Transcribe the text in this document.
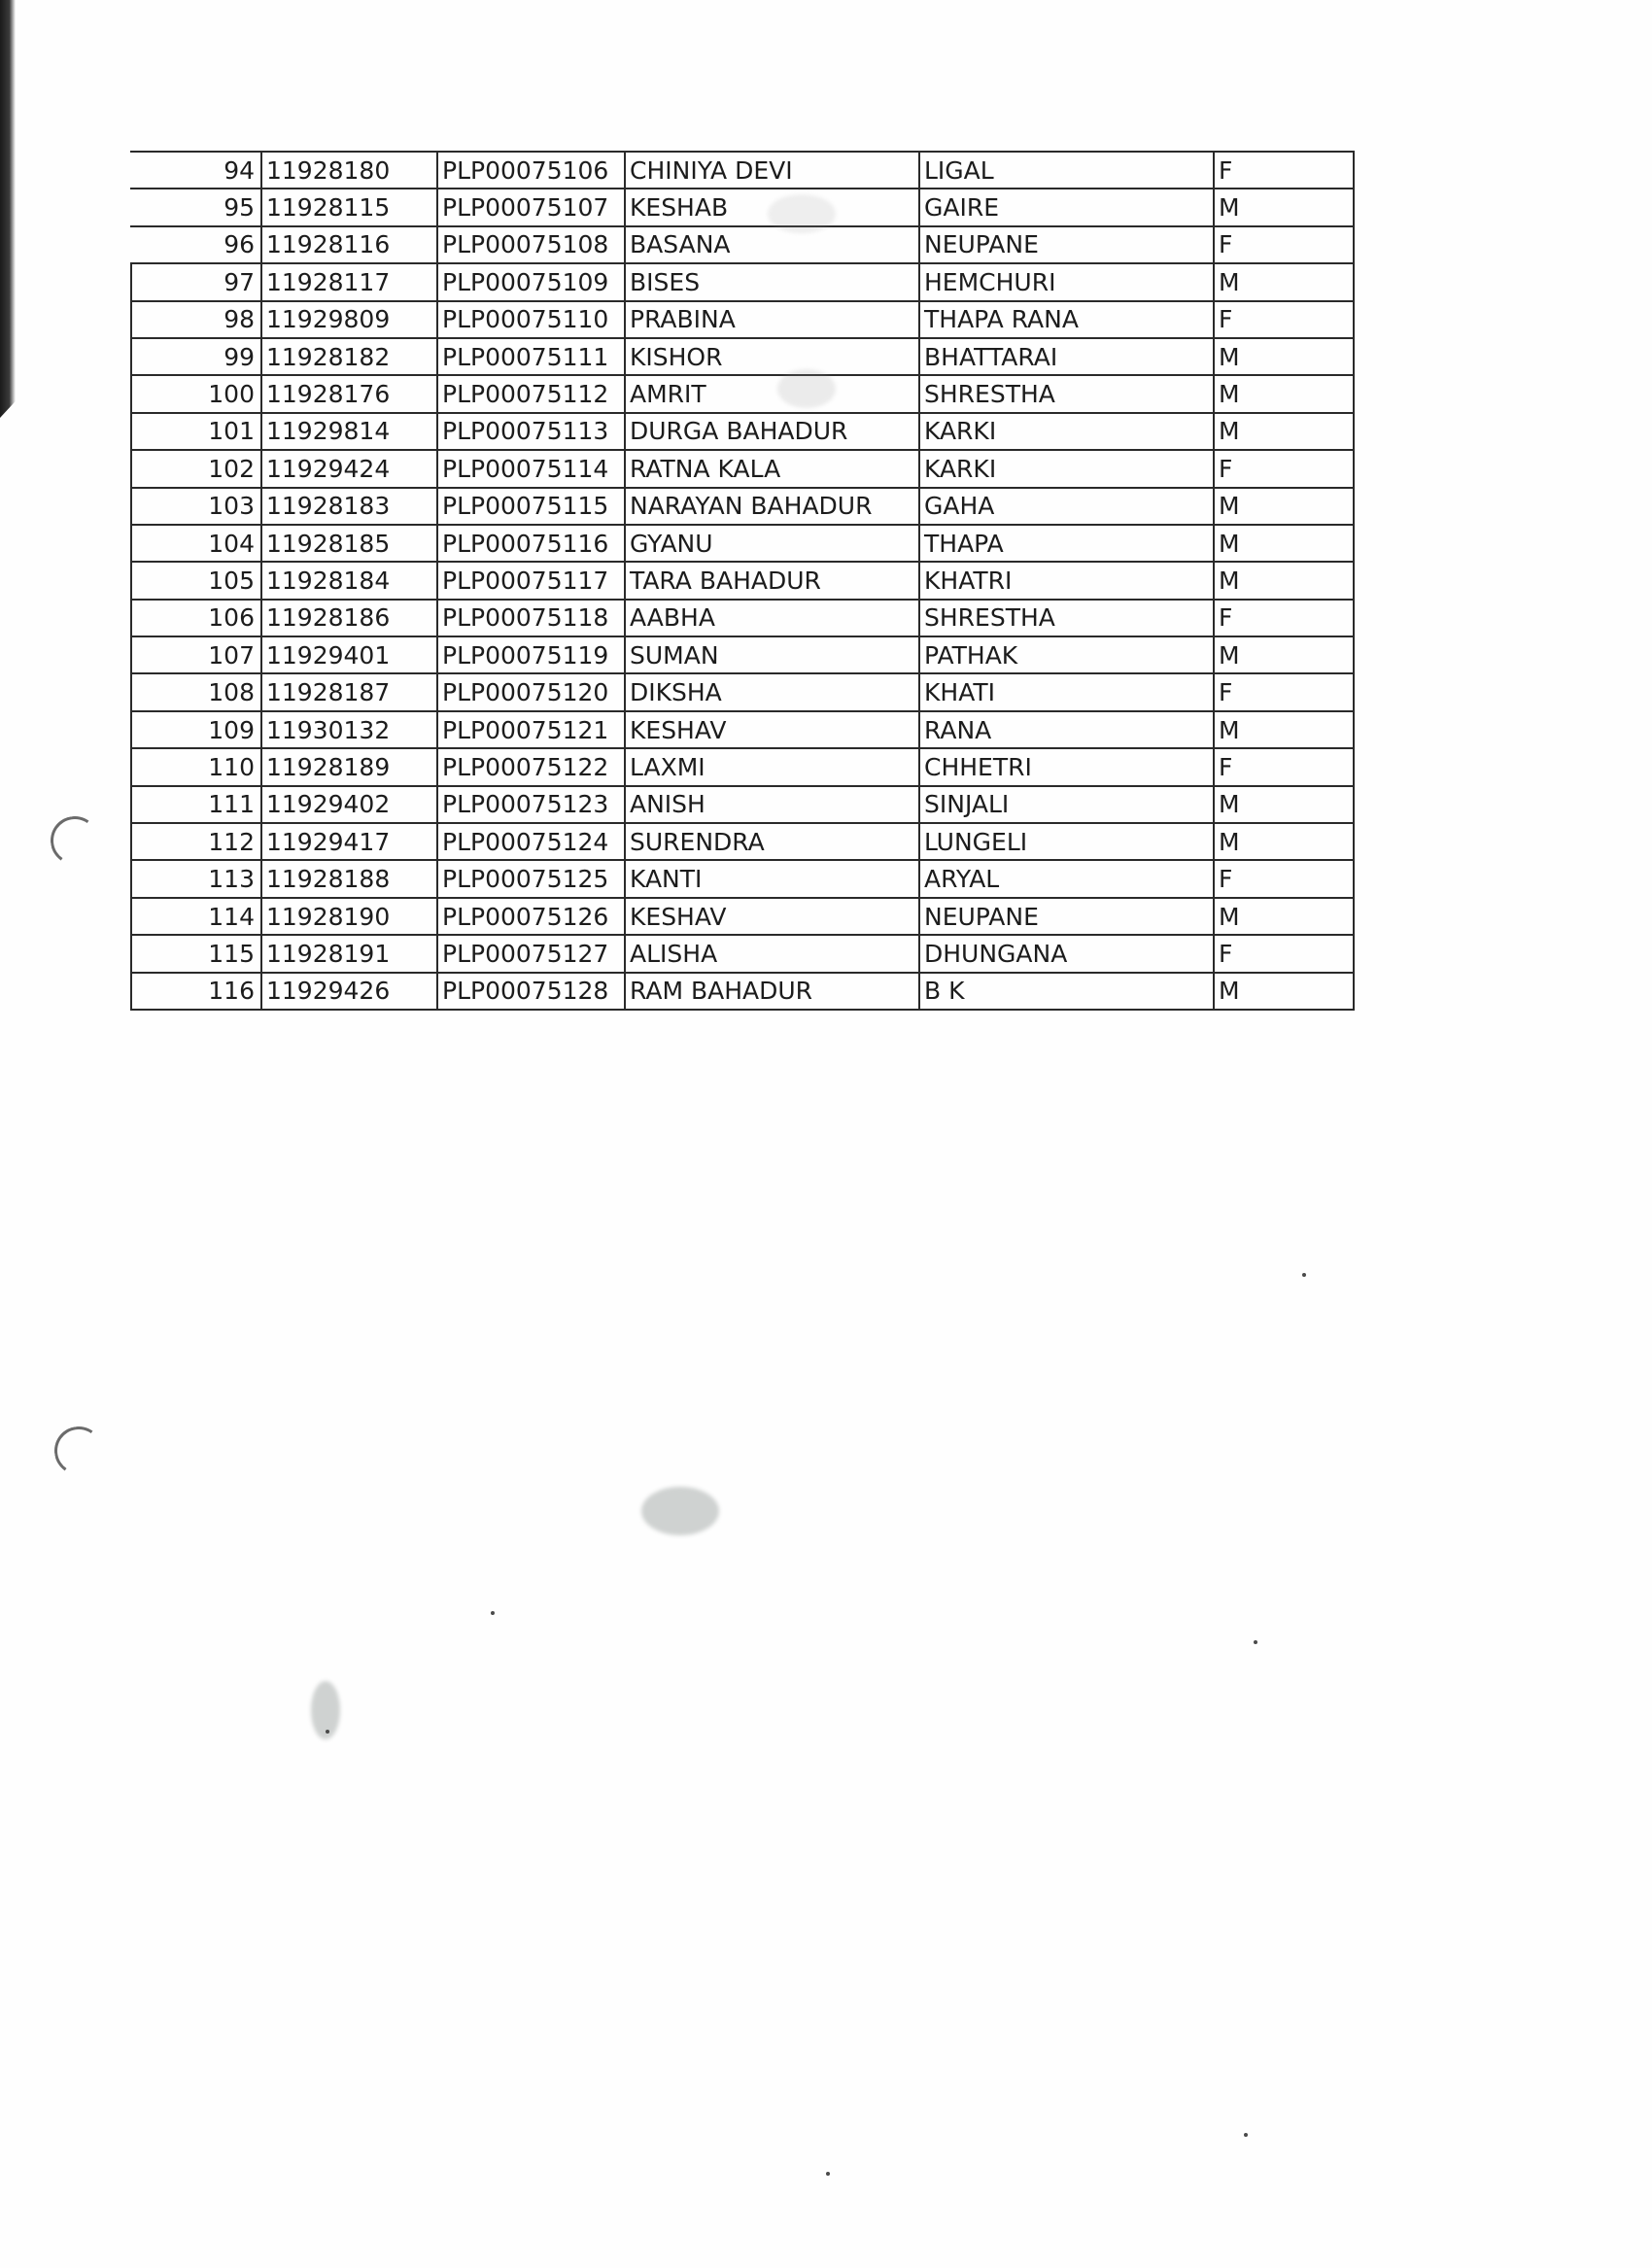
94	11928180	PLP00075106	CHINIYA DEVI	LIGAL	F
95	11928115	PLP00075107	KESHAB	GAIRE	M
96	11928116	PLP00075108	BASANA	NEUPANE	F
97	11928117	PLP00075109	BISES	HEMCHURI	M
98	11929809	PLP00075110	PRABINA	THAPA RANA	F
99	11928182	PLP00075111	KISHOR	BHATTARAI	M
100	11928176	PLP00075112	AMRIT	SHRESTHA	M
101	11929814	PLP00075113	DURGA BAHADUR	KARKI	M
102	11929424	PLP00075114	RATNA KALA	KARKI	F
103	11928183	PLP00075115	NARAYAN BAHADUR	GAHA	M
104	11928185	PLP00075116	GYANU	THAPA	M
105	11928184	PLP00075117	TARA BAHADUR	KHATRI	M
106	11928186	PLP00075118	AABHA	SHRESTHA	F
107	11929401	PLP00075119	SUMAN	PATHAK	M
108	11928187	PLP00075120	DIKSHA	KHATI	F
109	11930132	PLP00075121	KESHAV	RANA	M
110	11928189	PLP00075122	LAXMI	CHHETRI	F
111	11929402	PLP00075123	ANISH	SINJALI	M
112	11929417	PLP00075124	SURENDRA	LUNGELI	M
113	11928188	PLP00075125	KANTI	ARYAL	F
114	11928190	PLP00075126	KESHAV	NEUPANE	M
115	11928191	PLP00075127	ALISHA	DHUNGANA	F
116	11929426	PLP00075128	RAM BAHADUR	B K	M
